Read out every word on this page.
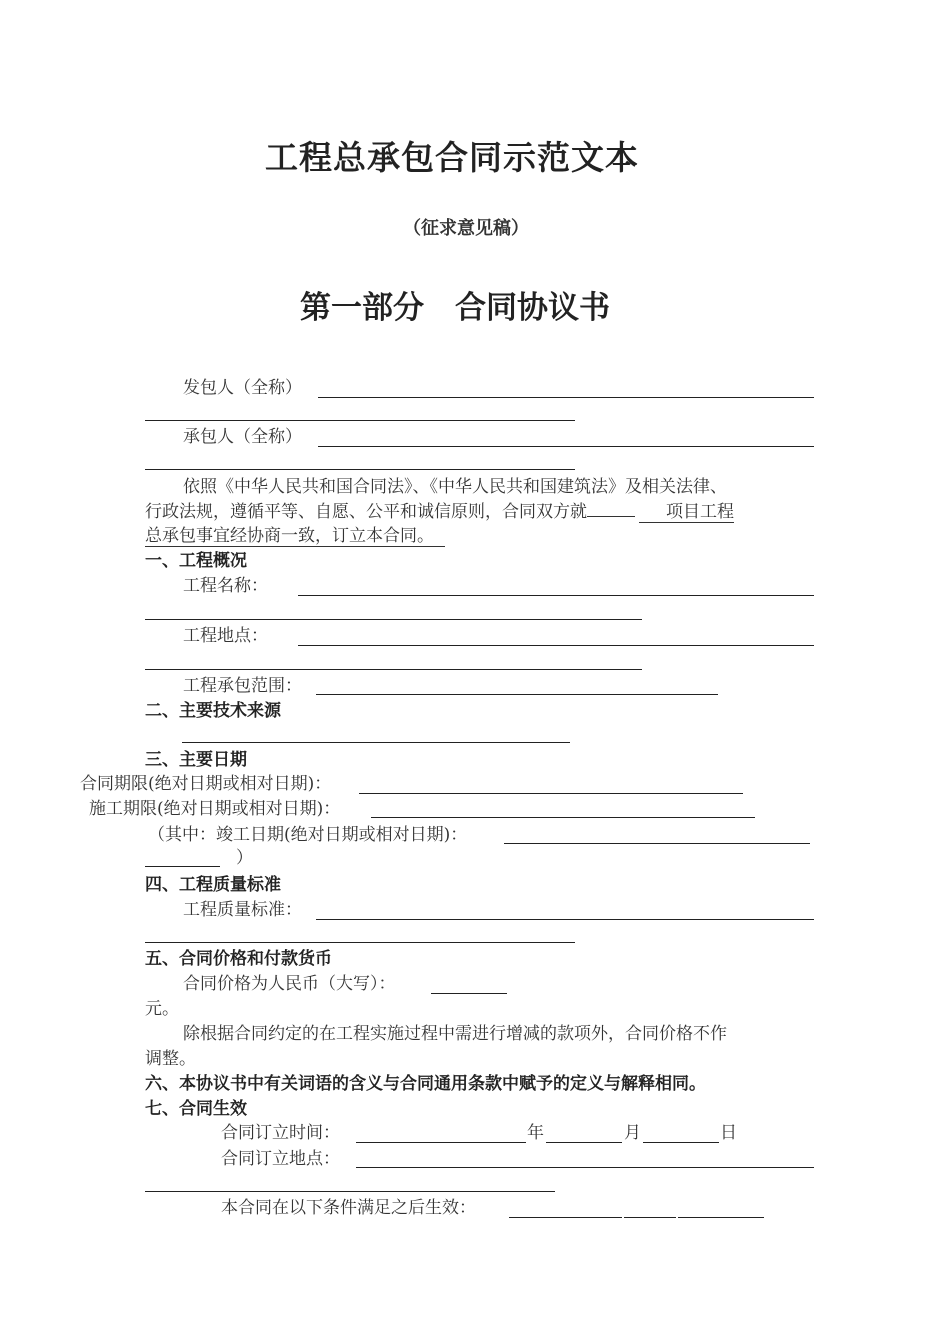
工程总承包合同示范文本
（征求意见稿）
第一部分　合同协议书
发包人（全称）
承包人（全称）
依照《中华人民共和国合同法》、《中华人民共和国建筑法》及相关法律、
行政法规，遵循平等、自愿、公平和诚信原则，合同双方就	项目工程
总承包事宜经协商一致，订立本合同。
一、工程概况
工程名称：
工程地点：
工程承包范围：
二、主要技术来源
三、主要日期
合同期限(绝对日期或相对日期)：
施工期限(绝对日期或相对日期)：
（其中：竣工日期(绝对日期或相对日期)：
）
四、工程质量标准
工程质量标准：
五、合同价格和付款货币
合同价格为人民币（大写）：
元。
除根据合同约定的在工程实施过程中需进行增减的款项外，合同价格不作
调整。
六、本协议书中有关词语的含义与合同通用条款中赋予的定义与解释相同。
七、合同生效
合同订立时间：	年	月	日
合同订立地点：
本合同在以下条件满足之后生效：
